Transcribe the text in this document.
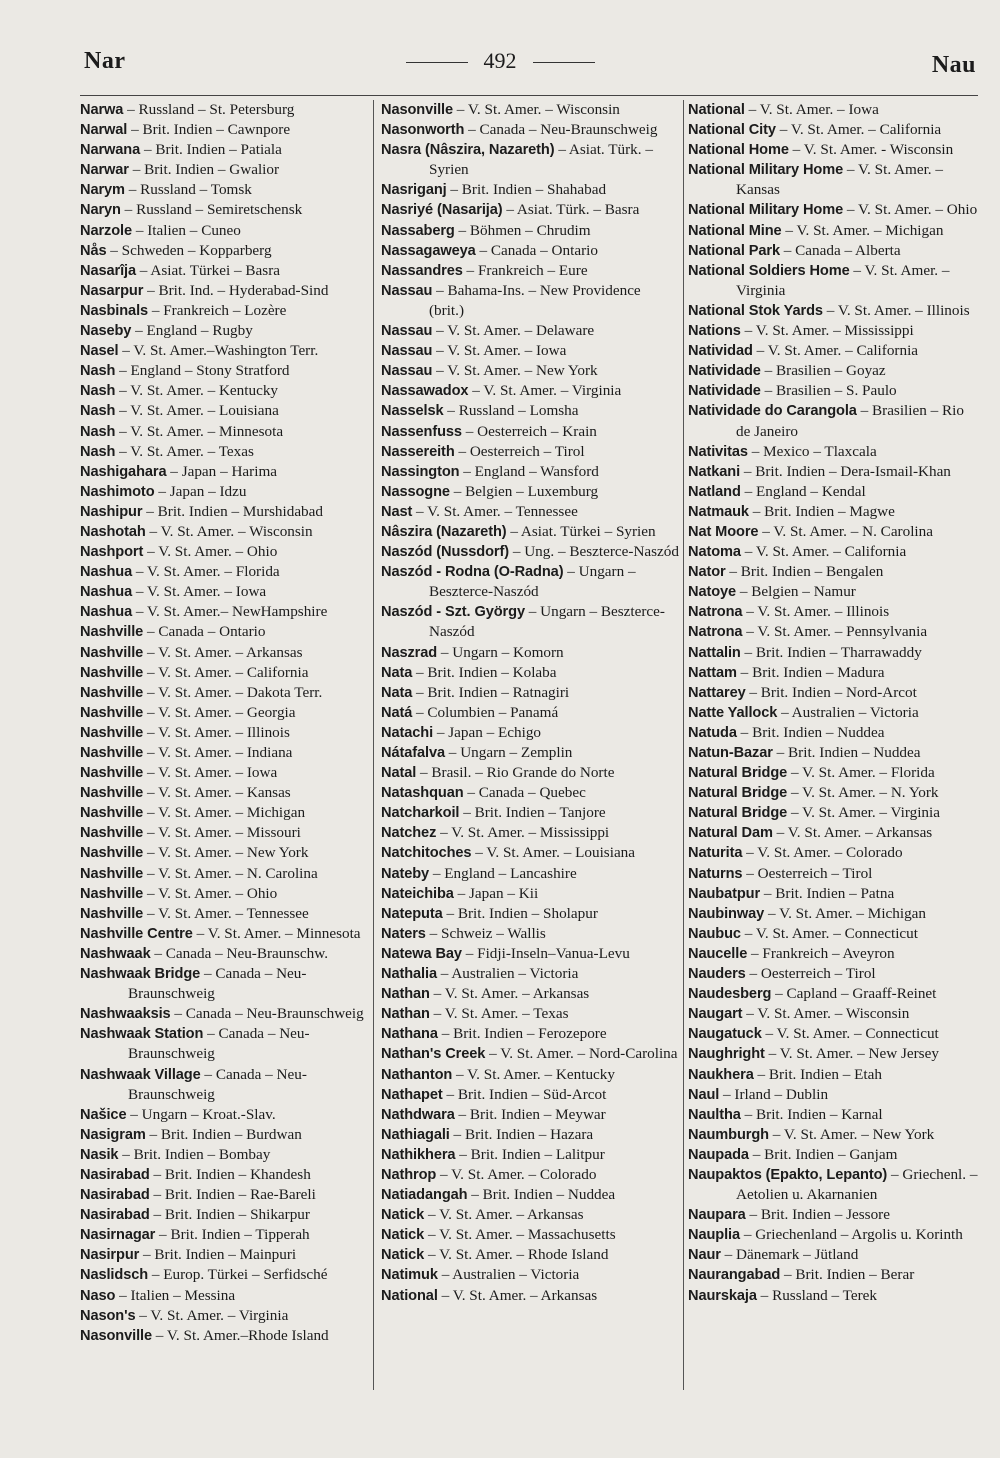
Nar	492	Nau
Narwa – Russland – St. Petersburg
Narwal – Brit. Indien – Cawnpore
Narwana – Brit. Indien – Patiala
Narwar – Brit. Indien – Gwalior
Narym – Russland – Tomsk
Naryn – Russland – Semiretschensk
Narzole – Italien – Cuneo
Nås – Schweden – Kopparberg
Nasarîja – Asiat. Türkei – Basra
Nasarpur – Brit. Ind. – Hyderabad-Sind
Nasbinals – Frankreich – Lozère
Naseby – England – Rugby
Nasel – V. St. Amer.–Washington Terr.
Nash – England – Stony Stratford
Nash – V. St. Amer. – Kentucky
Nash – V. St. Amer. – Louisiana
Nash – V. St. Amer. – Minnesota
Nash – V. St. Amer. – Texas
Nashigahara – Japan – Harima
Nashimoto – Japan – Idzu
Nashipur – Brit. Indien – Murshidabad
Nashotah – V. St. Amer. – Wisconsin
Nashport – V. St. Amer. – Ohio
Nashua – V. St. Amer. – Florida
Nashua – V. St. Amer. – Iowa
Nashua – V. St. Amer.– NewHampshire
Nashville – Canada – Ontario
Nashville – V. St. Amer. – Arkansas
Nashville – V. St. Amer. – California
Nashville – V. St. Amer. – Dakota Terr.
Nashville – V. St. Amer. – Georgia
Nashville – V. St. Amer. – Illinois
Nashville – V. St. Amer. – Indiana
Nashville – V. St. Amer. – Iowa
Nashville – V. St. Amer. – Kansas
Nashville – V. St. Amer. – Michigan
Nashville – V. St. Amer. – Missouri
Nashville – V. St. Amer. – New York
Nashville – V. St. Amer. – N. Carolina
Nashville – V. St. Amer. – Ohio
Nashville – V. St. Amer. – Tennessee
Nashville Centre – V. St. Amer. – Minnesota
Nashwaak – Canada – Neu-Braunschw.
Nashwaak Bridge – Canada – Neu-Braunschweig
Nashwaaksis – Canada – Neu-Braunschweig
Nashwaak Station – Canada – Neu-Braunschweig
Nashwaak Village – Canada – Neu-Braunschweig
Našice – Ungarn – Kroat.-Slav.
Nasigram – Brit. Indien – Burdwan
Nasik – Brit. Indien – Bombay
Nasirabad – Brit. Indien – Khandesh
Nasirabad – Brit. Indien – Rae-Bareli
Nasirabad – Brit. Indien – Shikarpur
Nasirnagar – Brit. Indien – Tipperah
Nasirpur – Brit. Indien – Mainpuri
Naslidsch – Europ. Türkei – Serfidsché
Naso – Italien – Messina
Nason's – V. St. Amer. – Virginia
Nasonville – V. St. Amer.–Rhode Island
Nasonville – V. St. Amer. – Wisconsin
Nasonworth – Canada – Neu-Braunschweig
Nasra (Nâszira, Nazareth) – Asiat. Türk. – Syrien
Nasriganj – Brit. Indien – Shahabad
Nasriyé (Nasarija) – Asiat. Türk. – Basra
Nassaberg – Böhmen – Chrudim
Nassagaweya – Canada – Ontario
Nassandres – Frankreich – Eure
Nassau – Bahama-Ins. – New Providence (brit.)
Nassau – V. St. Amer. – Delaware
Nassau – V. St. Amer. – Iowa
Nassau – V. St. Amer. – New York
Nassawadox – V. St. Amer. – Virginia
Nasselsk – Russland – Lomsha
Nassenfuss – Oesterreich – Krain
Nassereith – Oesterreich – Tirol
Nassington – England – Wansford
Nassogne – Belgien – Luxemburg
Nast – V. St. Amer. – Tennessee
Nâszira (Nazareth) – Asiat. Türkei – Syrien
Naszód (Nussdorf) – Ung. – Beszterce-Naszód
Naszód - Rodna (O-Radna) – Ungarn – Beszterce-Naszód
Naszód - Szt. György – Ungarn – Beszterce-Naszód
Naszrad – Ungarn – Komorn
Nata – Brit. Indien – Kolaba
Nata – Brit. Indien – Ratnagiri
Natá – Columbien – Panamá
Natachi – Japan – Echigo
Nátafalva – Ungarn – Zemplin
Natal – Brasil. – Rio Grande do Norte
Natashquan – Canada – Quebec
Natcharkoil – Brit. Indien – Tanjore
Natchez – V. St. Amer. – Mississippi
Natchitoches – V. St. Amer. – Louisiana
Nateby – England – Lancashire
Nateichiba – Japan – Kii
Nateputa – Brit. Indien – Sholapur
Naters – Schweiz – Wallis
Natewa Bay – Fidji-Inseln–Vanua-Levu
Nathalia – Australien – Victoria
Nathan – V. St. Amer. – Arkansas
Nathan – V. St. Amer. – Texas
Nathana – Brit. Indien – Ferozepore
Nathan's Creek – V. St. Amer. – Nord-Carolina
Nathanton – V. St. Amer. – Kentucky
Nathapet – Brit. Indien – Süd-Arcot
Nathdwara – Brit. Indien – Meywar
Nathiagali – Brit. Indien – Hazara
Nathikhera – Brit. Indien – Lalitpur
Nathrop – V. St. Amer. – Colorado
Natiadangah – Brit. Indien – Nuddea
Natick – V. St. Amer. – Arkansas
Natick – V. St. Amer. – Massachusetts
Natick – V. St. Amer. – Rhode Island
Natimuk – Australien – Victoria
National – V. St. Amer. – Arkansas
National – V. St. Amer. – Iowa
National City – V. St. Amer. – California
National Home – V. St. Amer. - Wisconsin
National Military Home – V. St. Amer. – Kansas
National Military Home – V. St. Amer. – Ohio
National Mine – V. St. Amer. – Michigan
National Park – Canada – Alberta
National Soldiers Home – V. St. Amer. – Virginia
National Stok Yards – V. St. Amer. – Illinois
Nations – V. St. Amer. – Mississippi
Natividad – V. St. Amer. – California
Natividade – Brasilien – Goyaz
Natividade – Brasilien – S. Paulo
Natividade do Carangola – Brasilien – Rio de Janeiro
Nativitas – Mexico – Tlaxcala
Natkani – Brit. Indien – Dera-Ismail-Khan
Natland – England – Kendal
Natmauk – Brit. Indien – Magwe
Nat Moore – V. St. Amer. – N. Carolina
Natoma – V. St. Amer. – California
Nator – Brit. Indien – Bengalen
Natoye – Belgien – Namur
Natrona – V. St. Amer. – Illinois
Natrona – V. St. Amer. – Pennsylvania
Nattalin – Brit. Indien – Tharrawaddy
Nattam – Brit. Indien – Madura
Nattarey – Brit. Indien – Nord-Arcot
Natte Yallock – Australien – Victoria
Natuda – Brit. Indien – Nuddea
Natun-Bazar – Brit. Indien – Nuddea
Natural Bridge – V. St. Amer. – Florida
Natural Bridge – V. St. Amer. – N. York
Natural Bridge – V. St. Amer. – Virginia
Natural Dam – V. St. Amer. – Arkansas
Naturita – V. St. Amer. – Colorado
Naturns – Oesterreich – Tirol
Naubatpur – Brit. Indien – Patna
Naubinway – V. St. Amer. – Michigan
Naubuc – V. St. Amer. – Connecticut
Naucelle – Frankreich – Aveyron
Nauders – Oesterreich – Tirol
Naudesberg – Capland – Graaff-Reinet
Naugart – V. St. Amer. – Wisconsin
Naugatuck – V. St. Amer. – Connecticut
Naughright – V. St. Amer. – New Jersey
Naukhera – Brit. Indien – Etah
Naul – Irland – Dublin
Naultha – Brit. Indien – Karnal
Naumburgh – V. St. Amer. – New York
Naupada – Brit. Indien – Ganjam
Naupaktos (Epakto, Lepanto) – Griechenl. – Aetolien u. Akarnanien
Naupara – Brit. Indien – Jessore
Nauplia – Griechenland – Argolis u. Korinth
Naur – Dänemark – Jütland
Naurangabad – Brit. Indien – Berar
Naurskaja – Russland – Terek
